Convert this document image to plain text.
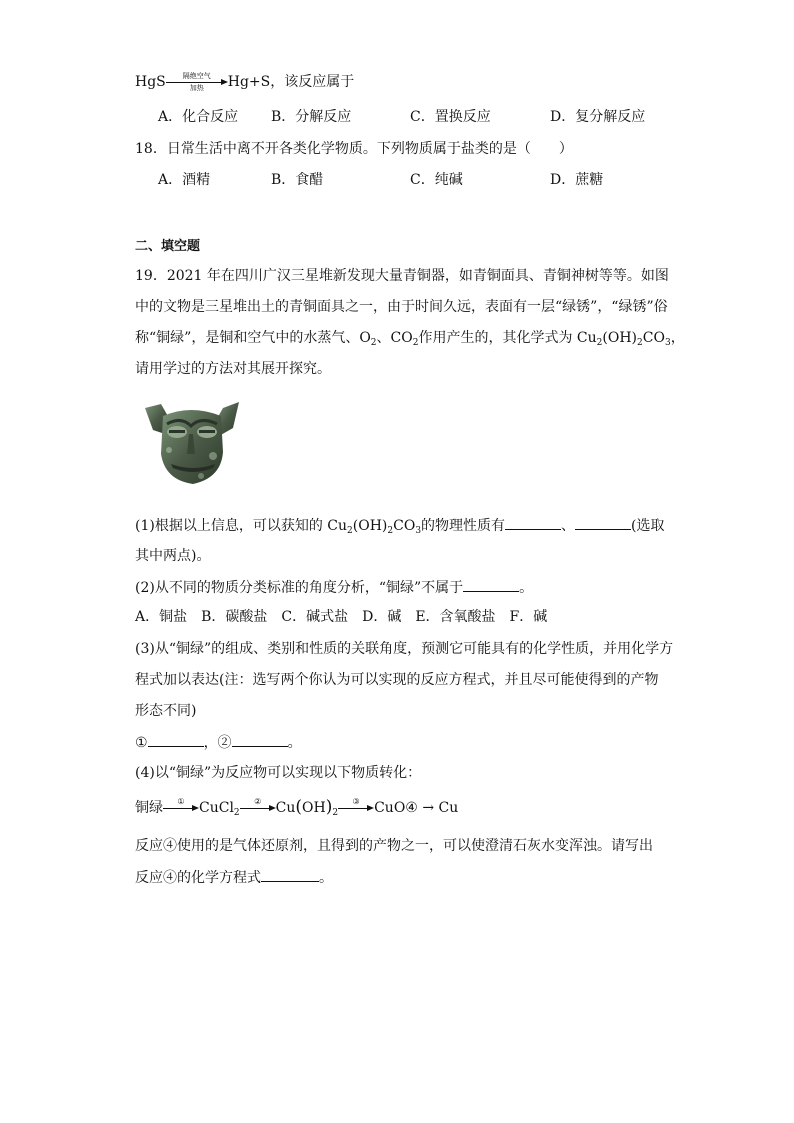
HgS	隔绝空气
加热	Hg+S，该反应属于
A．化合反应 B．分解反应	C．置换反应	D．复分解反应
18．日常生活中离不开各类化学物质。下列物质属于盐类的是（　　）
A．酒精	B．食醋	C．纯碱	D．蔗糖
二、填空题
19．2021 年在四川广汉三星堆新发现大量青铜器，如青铜面具、青铜神树等等。如图
中的文物是三星堆出土的青铜面具之一，由于时间久远，表面有一层“绿锈”，“绿锈”俗
称“铜绿”，是铜和空气中的水蒸气、$O_2$、$CO_2$作用产生的，其化学式为 $Cu_2(OH)_2CO_3$，
请用学过的方法对其展开探究。
(1)根据以上信息，可以获知的 $Cu_2(OH)_2CO_3$的物理性质有	、	(选取
其中两点)。
(2)从不同的物质分类标准的角度分析，“铜绿”不属于	。
A．铜盐　B．碳酸盐　C．碱式盐　D．碱　E．含氧酸盐　F．碱
(3)从“铜绿”的组成、类别和性质的关联角度，预测它可能具有的化学性质，并用化学方
程式加以表达(注：选写两个你认为可以实现的反应方程式，并且尽可能使得到的产物
形态不同)
①	，②	。
(4)以“铜绿”为反应物可以实现以下物质转化：
铜绿	①	CuCl$_2$
②	$Cu(OH)_2$
③	CuO④ → Cu
反应④使用的是气体还原剂，且得到的产物之一，可以使澄清石灰水变浑浊。请写出
反应④的化学方程式	。
